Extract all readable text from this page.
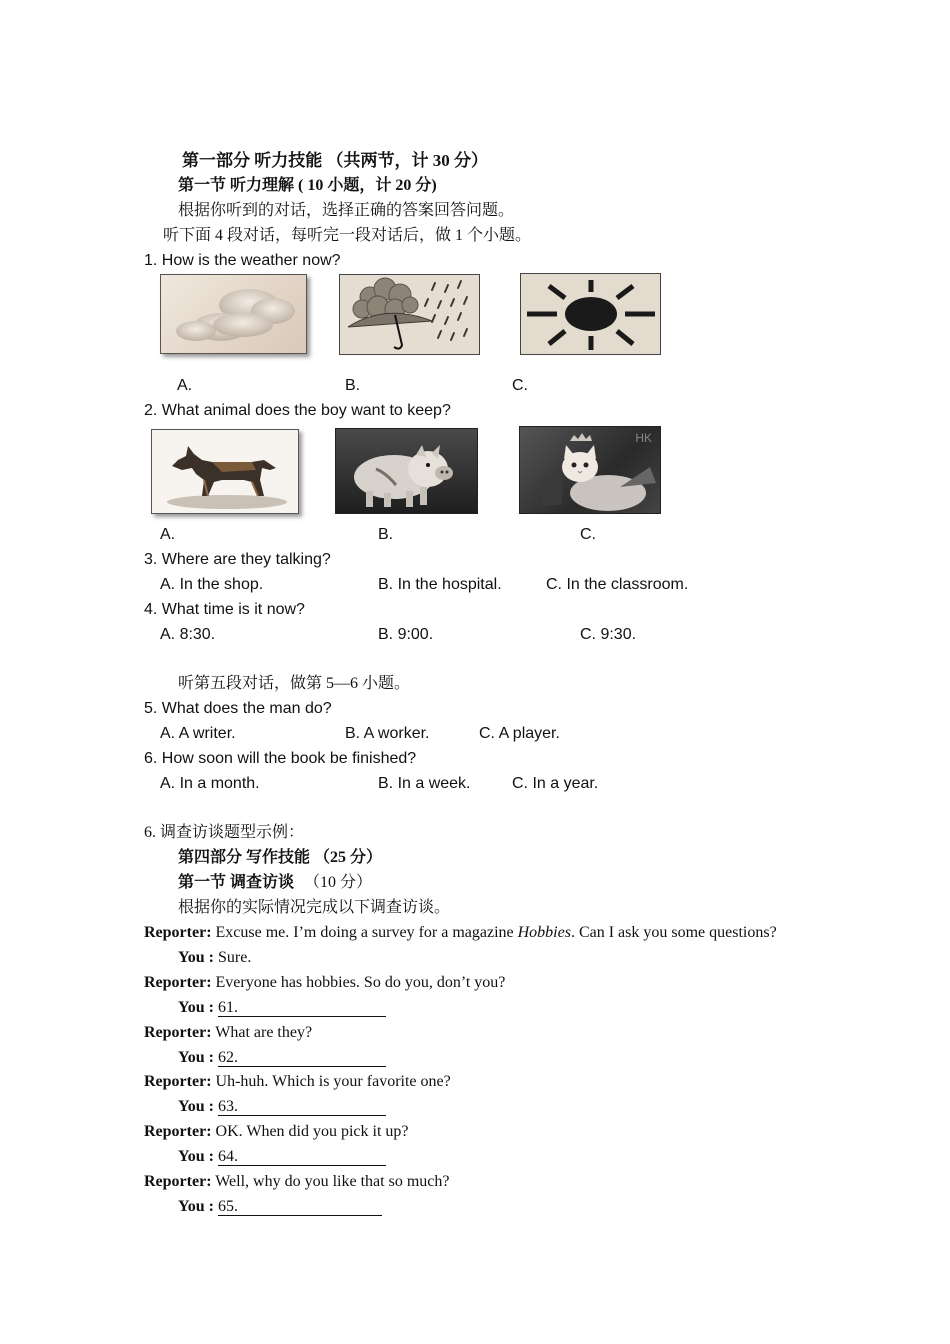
第一部分 听力技能 （共两节，计 30 分）
第一节 听力理解 ( 10 小题，计 20 分)
根据你听到的对话，选择正确的答案回答问题。
听下面 4 段对话，每听完一段对话后，做 1 个小题。
1. How is the weather now?
A.	B.	C.
2. What animal does the boy want to keep?
HK
A.	B.	C.
3. Where are they talking?
A. In the shop.	B. In the hospital.	C. In the classroom.
4. What time is it now?
A. 8:30.	B. 9:00.	C. 9:30.
听第五段对话，做第 5—6 小题。
5. What does the man do?
A. A writer.	B. A worker.	C. A player.
6. How soon will the book be finished?
A. In a month.	B. In a week.	C. In a year.
6. 调查访谈题型示例：
第四部分 写作技能 （25 分）
第一节 调查访谈 （10 分）
根据你的实际情况完成以下调查访谈。
Reporter: Excuse me. I’m doing a survey for a magazine Hobbies. Can I ask you some questions?
You : Sure.
Reporter: Everyone has hobbies. So do you, don’t you?
You : 61.
Reporter: What are they?
You : 62.
Reporter: Uh-huh. Which is your favorite one?
You : 63.
Reporter: OK. When did you pick it up?
You : 64.
Reporter: Well, why do you like that so much?
You : 65.
